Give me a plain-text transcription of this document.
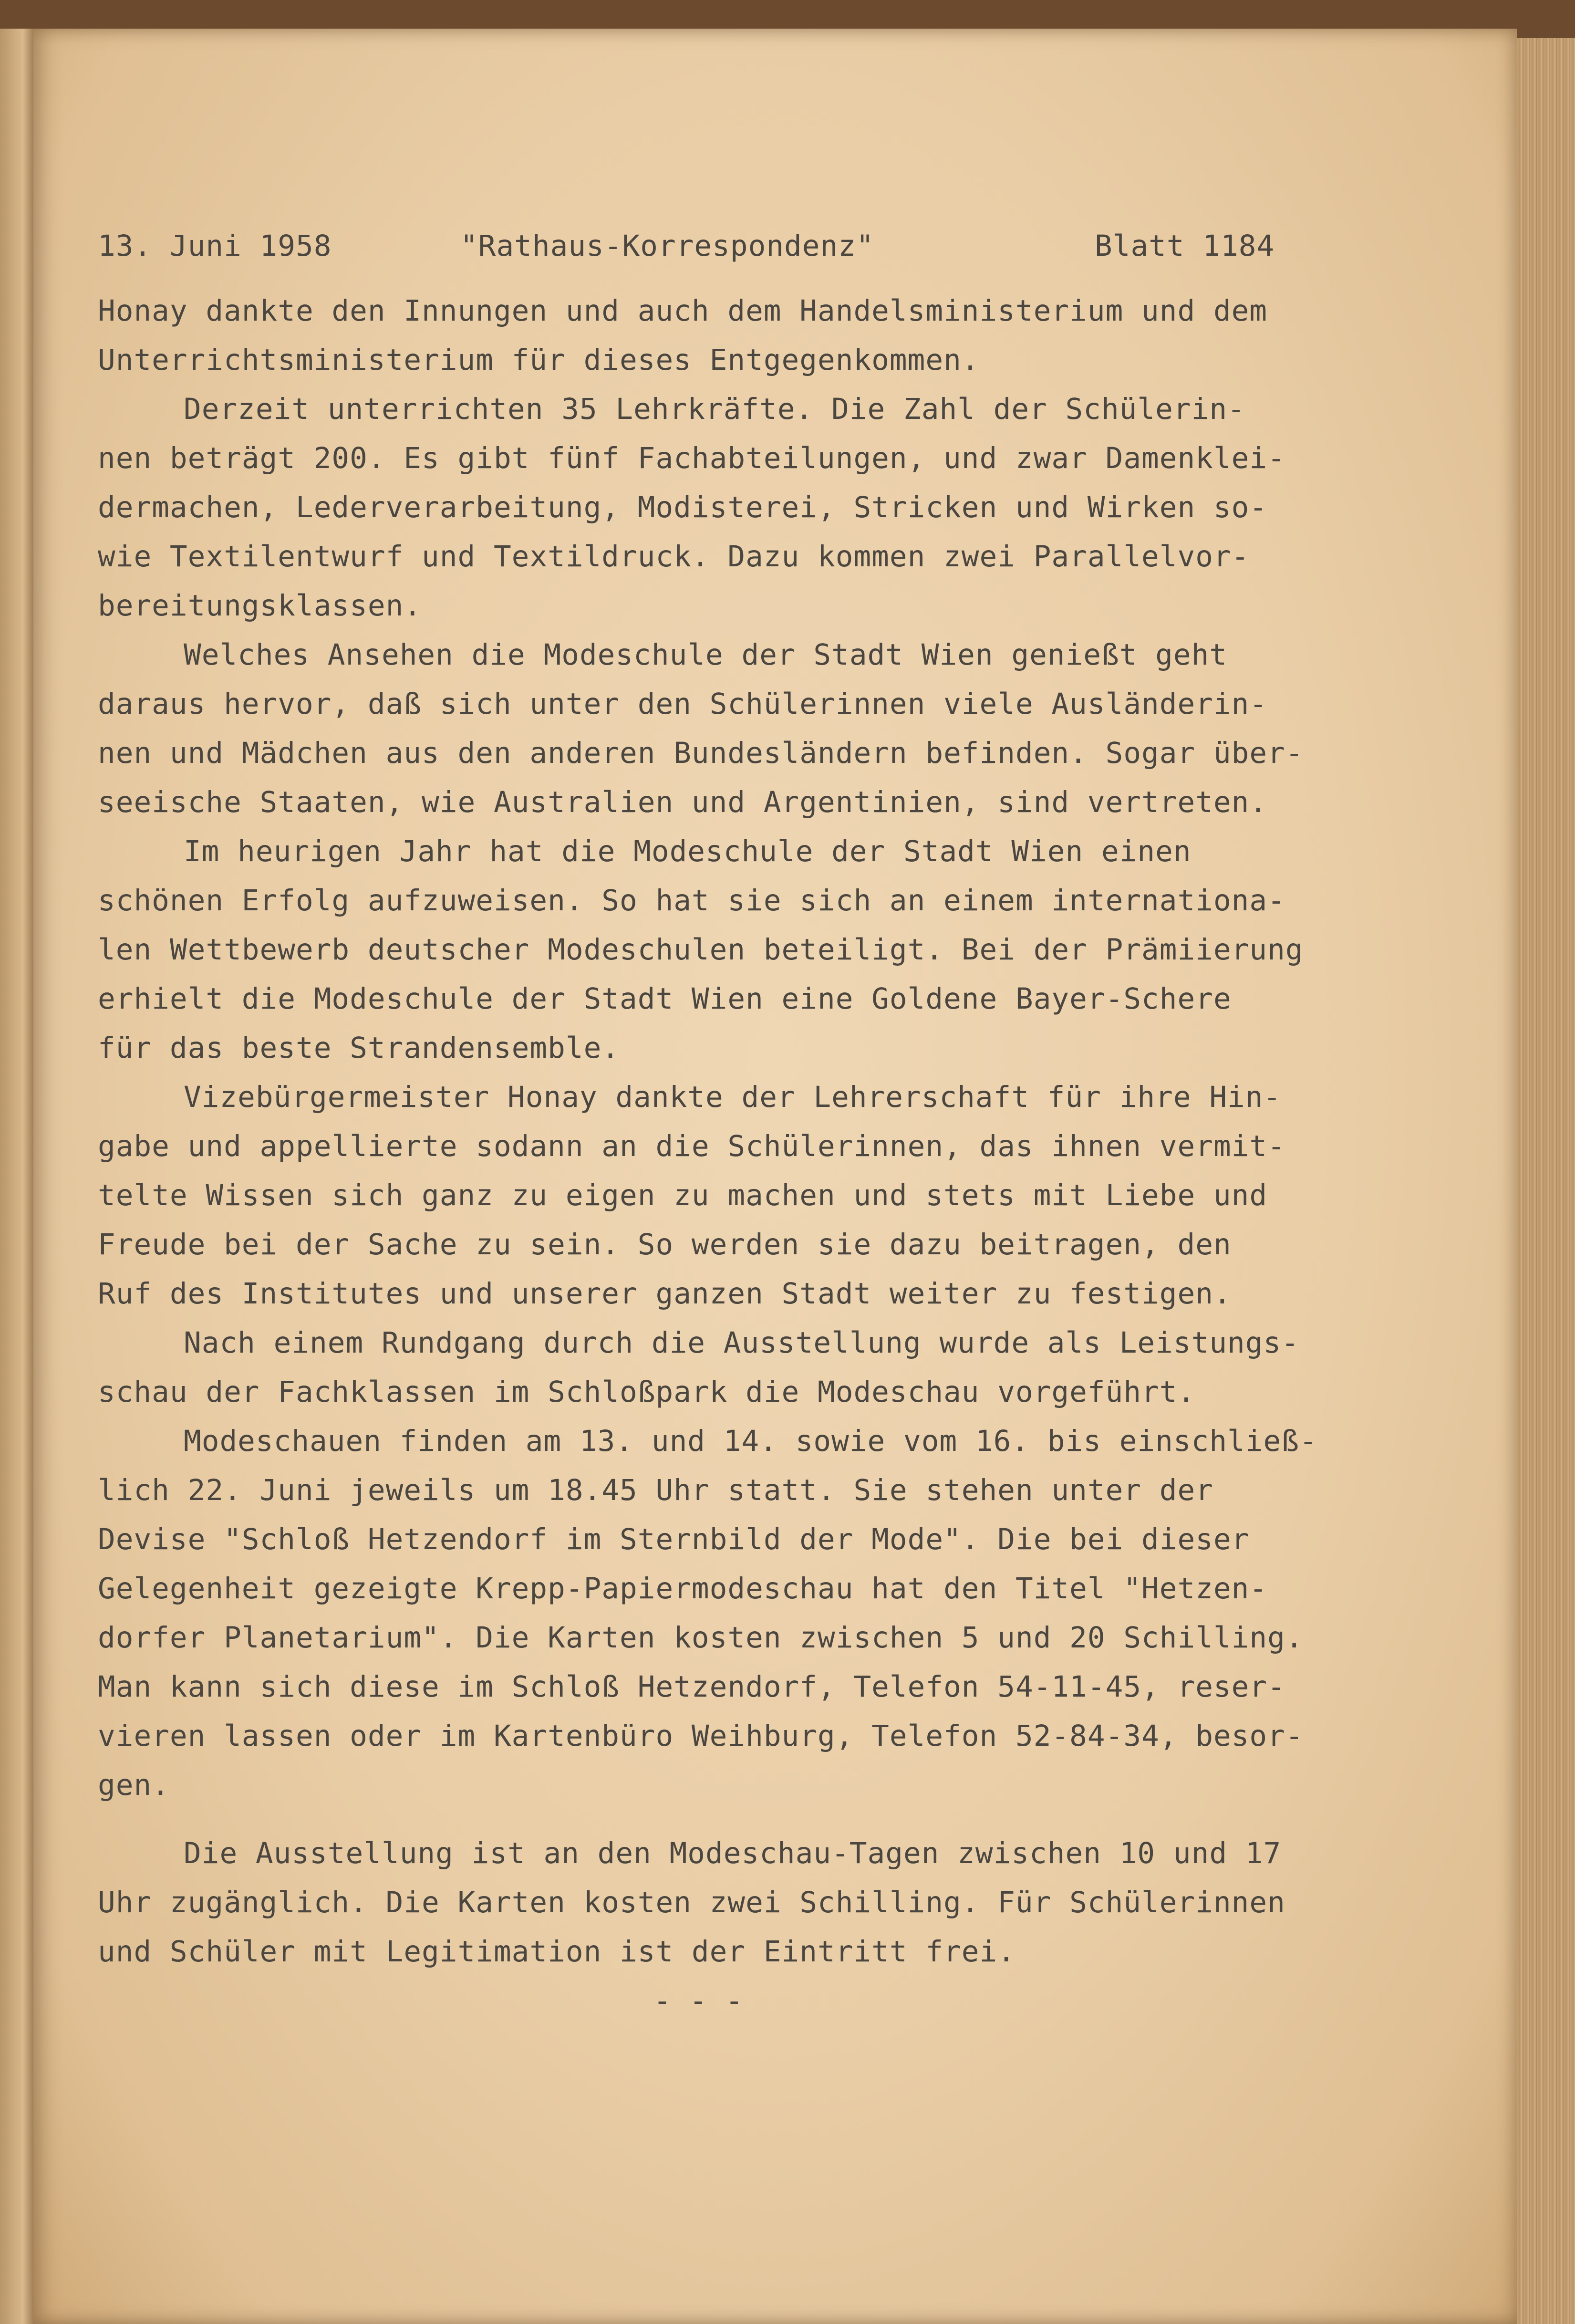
13. Juni 1958	"Rathaus-Korrespondenz"	Blatt 1184
Honay dankte den Innungen und auch dem Handelsministerium und dem
Unterrichtsministerium für dieses Entgegenkommen.
Derzeit unterrichten 35 Lehrkräfte. Die Zahl der Schülerin-
nen beträgt 200. Es gibt fünf Fachabteilungen, und zwar Damenklei-
dermachen, Lederverarbeitung, Modisterei, Stricken und Wirken so-
wie Textilentwurf und Textildruck. Dazu kommen zwei Parallelvor-
bereitungsklassen.
Welches Ansehen die Modeschule der Stadt Wien genießt geht
daraus hervor, daß sich unter den Schülerinnen viele Ausländerin-
nen und Mädchen aus den anderen Bundesländern befinden. Sogar über-
seeische Staaten, wie Australien und Argentinien, sind vertreten.
Im heurigen Jahr hat die Modeschule der Stadt Wien einen
schönen Erfolg aufzuweisen. So hat sie sich an einem internationa-
len Wettbewerb deutscher Modeschulen beteiligt. Bei der Prämiierung
erhielt die Modeschule der Stadt Wien eine Goldene Bayer-Schere
für das beste Strandensemble.
Vizebürgermeister Honay dankte der Lehrerschaft für ihre Hin-
gabe und appellierte sodann an die Schülerinnen, das ihnen vermit-
telte Wissen sich ganz zu eigen zu machen und stets mit Liebe und
Freude bei der Sache zu sein. So werden sie dazu beitragen, den
Ruf des Institutes und unserer ganzen Stadt weiter zu festigen.
Nach einem Rundgang durch die Ausstellung wurde als Leistungs-
schau der Fachklassen im Schloßpark die Modeschau vorgeführt.
Modeschauen finden am 13. und 14. sowie vom 16. bis einschließ-
lich 22. Juni jeweils um 18.45 Uhr statt. Sie stehen unter der
Devise "Schloß Hetzendorf im Sternbild der Mode". Die bei dieser
Gelegenheit gezeigte Krepp-Papiermodeschau hat den Titel "Hetzen-
dorfer Planetarium". Die Karten kosten zwischen 5 und 20 Schilling.
Man kann sich diese im Schloß Hetzendorf, Telefon 54-11-45, reser-
vieren lassen oder im Kartenbüro Weihburg, Telefon 52-84-34, besor-
gen.
Die Ausstellung ist an den Modeschau-Tagen zwischen 10 und 17
Uhr zugänglich. Die Karten kosten zwei Schilling. Für Schülerinnen
und Schüler mit Legitimation ist der Eintritt frei.
- - -
